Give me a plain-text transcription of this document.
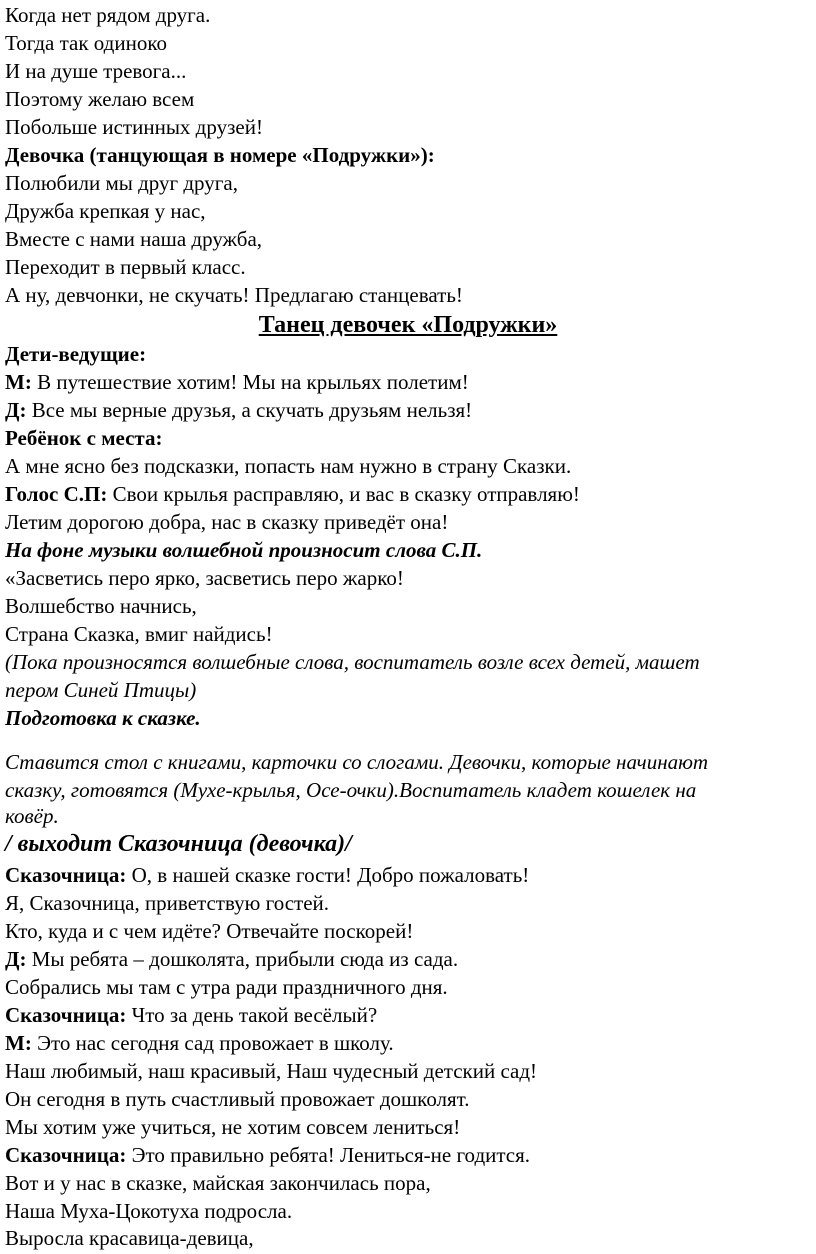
Когда нет рядом друга.
Тогда так одиноко
И на душе тревога...
Поэтому желаю всем
Побольше истинных друзей!
Девочка (танцующая в номере «Подружки»):
Полюбили мы друг друга,
Дружба крепкая у нас,
Вместе с нами наша дружба,
Переходит в первый класс.
А ну, девчонки, не скучать! Предлагаю станцевать!
Танец девочек «Подружки»
Дети-ведущие:
М: В путешествие хотим! Мы на крыльях полетим!
Д: Все мы верные друзья, а скучать друзьям нельзя!
Ребёнок с места:
А мне ясно без подсказки, попасть нам нужно в страну Сказки.
Голос С.П: Свои крылья расправляю, и вас в сказку отправляю!
Летим дорогою добра, нас в сказку приведёт она!
На фоне музыки волшебной произносит слова С.П.
«Засветись перо ярко, засветись перо жарко!
Волшебство начнись,
Страна Сказка, вмиг найдись!
(Пока произносятся волшебные слова, воспитатель возле всех детей, машет
пером Синей Птицы)
Подготовка к сказке.
Ставится стол с книгами, карточки со слогами. Девочки, которые начинают
сказку, готовятся (Мухе-крылья, Осе-очки).Воспитатель кладет кошелек на
ковёр.
/ выходит Сказочница (девочка)/
Сказочница: О, в нашей сказке гости! Добро пожаловать!
Я, Сказочница, приветствую гостей.
Кто, куда и с чем идёте? Отвечайте поскорей!
Д: Мы ребята – дошколята, прибыли сюда из сада.
Собрались мы там с утра ради праздничного дня.
Сказочница: Что за день такой весёлый?
М: Это нас сегодня сад провожает в школу.
Наш любимый, наш красивый, Наш чудесный детский сад!
Он сегодня в путь счастливый провожает дошколят.
Мы хотим уже учиться, не хотим совсем лениться!
Сказочница: Это правильно ребята! Лениться-не годится.
Вот и у нас в сказке, майская закончилась пора,
Наша Муха-Цокотуха подросла.
Выросла красавица-девица,
